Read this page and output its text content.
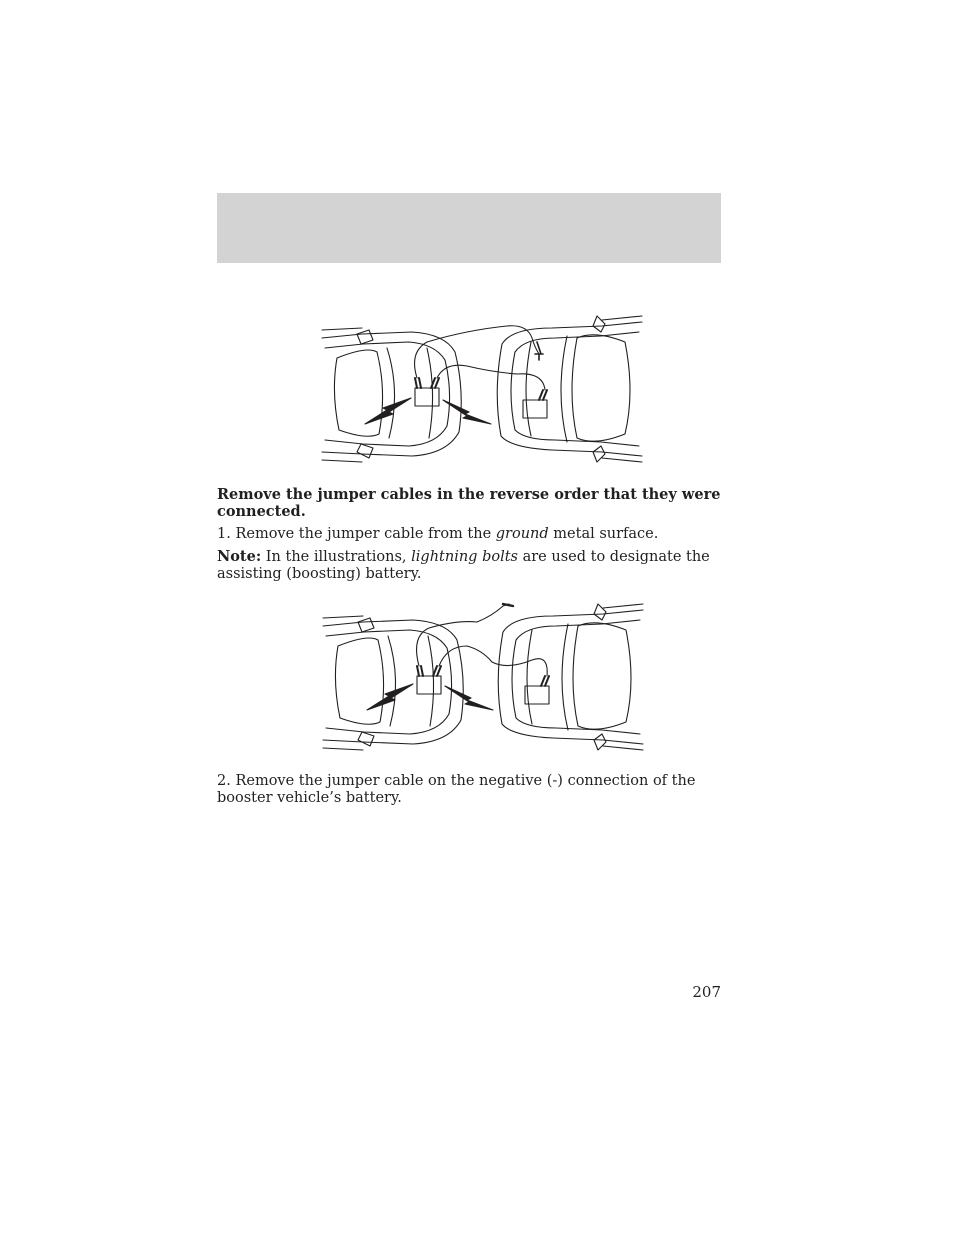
Remove the jumper cables in the reverse order that they were connected.
1. Remove the jumper cable from the ground metal surface.
Note: In the illustrations, lightning bolts are used to designate the assisting (boosting) battery.
2. Remove the jumper cable on the negative (-) connection of the booster vehicle’s battery.
207
